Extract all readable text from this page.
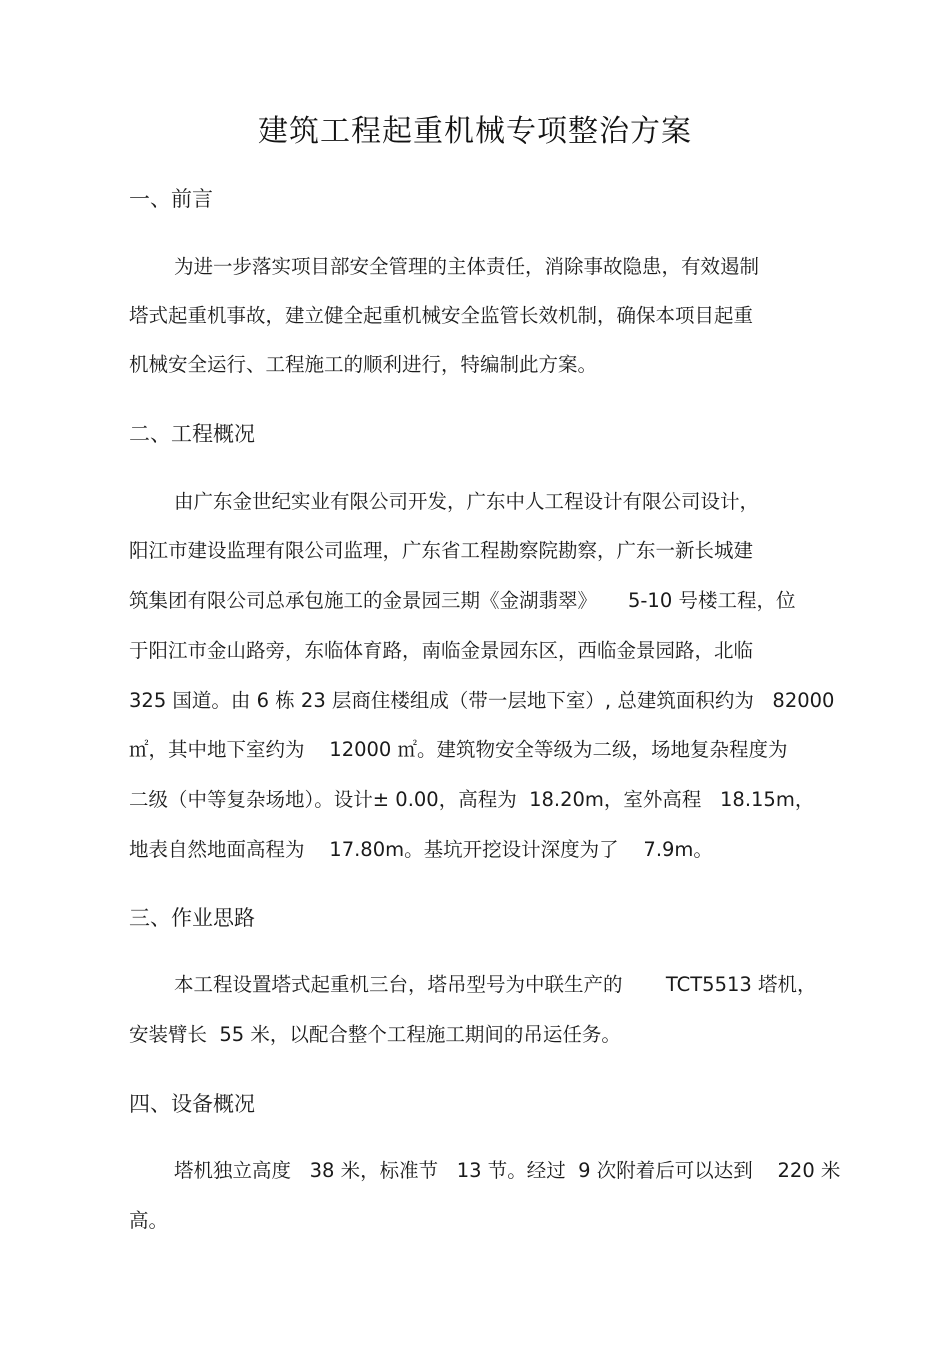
建筑工程起重机械专项整治方案
一、前言
为进一步落实项目部安全管理的主体责任，消除事故隐患，有效遏制
塔式起重机事故，建立健全起重机械安全监管长效机制，确保本项目起重
机械安全运行、工程施工的顺利进行，特编制此方案。
二、工程概况
由广东金世纪实业有限公司开发，广东中人工程设计有限公司设计，
阳江市建设监理有限公司监理，广东省工程勘察院勘察，广东一新长城建
筑集团有限公司总承包施工的金景园三期《金湖翡翠》     5-10 号楼工程，位
于阳江市金山路旁，东临体育路，南临金景园东区，西临金景园路，北临
325 国道。由 6 栋 23 层商住楼组成（带一层地下室）, 总建筑面积约为   82000
㎡，其中地下室约为    12000 ㎡。建筑物安全等级为二级，场地复杂程度为
二级（中等复杂场地）。设计± 0.00，高程为  18.20m，室外高程   18.15m，
地表自然地面高程为    17.80m。基坑开挖设计深度为了    7.9m。
三、作业思路
本工程设置塔式起重机三台，塔吊型号为中联生产的       TCT5513 塔机，
安装臂长  55 米，以配合整个工程施工期间的吊运任务。
四、设备概况
塔机独立高度   38 米，标准节   13 节。经过  9 次附着后可以达到    220 米
高。
